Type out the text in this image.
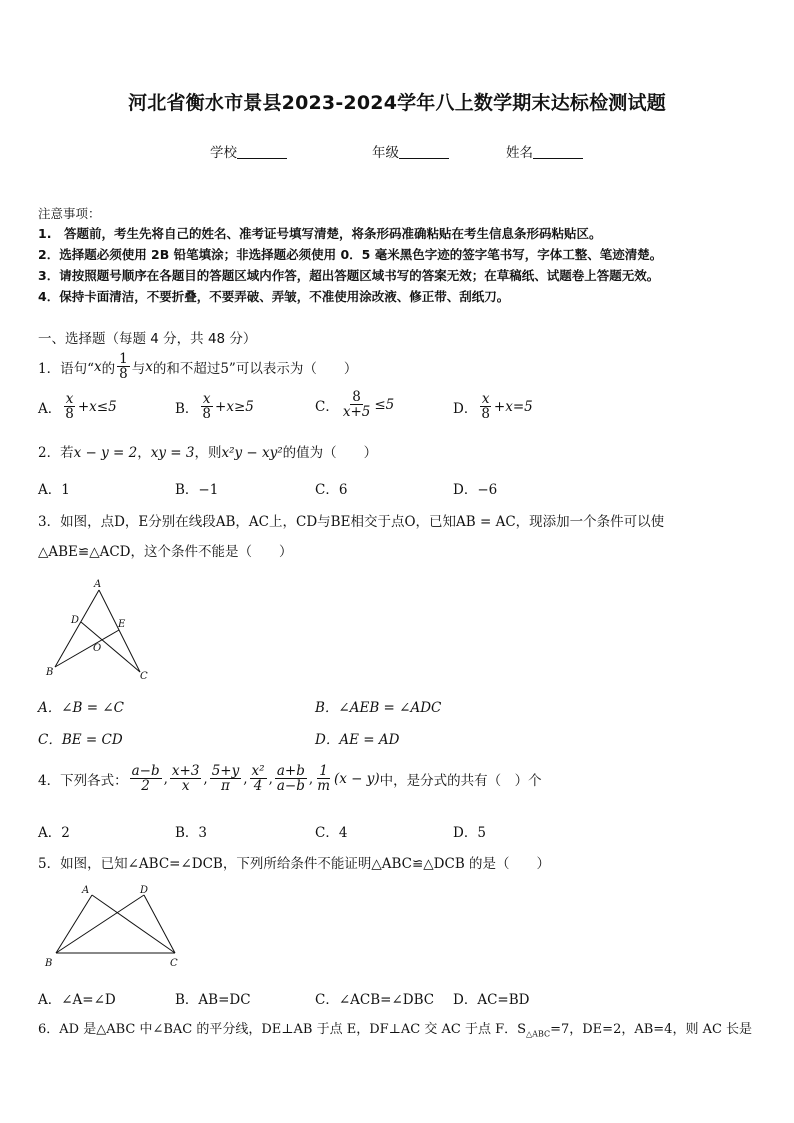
河北省衡水市景县2023-2024学年八上数学期末达标检测试题
学校	年级	姓名
注意事项：
1.　答题前，考生先将自己的姓名、准考证号填写清楚，将条形码准确粘贴在考生信息条形码粘贴区。
2．选择题必须使用 2B 铅笔填涂；非选择题必须使用 0．5 毫米黑色字迹的签字笔书写，字体工整、笔迹清楚。
3．请按照题号顺序在各题目的答题区域内作答，超出答题区域书写的答案无效；在草稿纸、试题卷上答题无效。
4．保持卡面清洁，不要折叠，不要弄破、弄皱，不准使用涂改液、修正带、刮纸刀。
一、选择题（每题 4 分，共 48 分）
1．语句“ x 的 $\frac{1}{8}$ 与 x 的和不超过5”可以表示为（　　）
A． $\frac{x}{8} +x\le 5$	B． $\frac{x}{8} +x\ge 5$	C． $\frac{8}{x+5} \le 5$	D． $\frac{x}{8} +x=5$
2．若x − y = 2，xy = 3，则x²y − xy²的值为（　　）
A．1	B．−1	C．6	D．−6
3．如图，点D，E分别在线段AB，AC上，CD与BE相交于点O，已知AB = AC，现添加一个条件可以使
△ABE≌△ACD，这个条件不能是（　　）
A
D	E
O
B	C
A．∠B = ∠C	B．∠AEB = ∠ADC
C．BE = CD	D．AE = AD
4．下列各式： $\frac{a-b}{2}$ , $\frac{x+3}{x}$ , $\frac{5+y}{\pi}$ , $\frac{\text{x²}}{4}$ , $\frac{a+b}{a-b}$ , $\frac{1}{m} (x - y)$ 中，是分式的共有（　）个
A．2	B．3	C．4	D．5
5．如图，已知∠ABC=∠DCB，下列所给条件不能证明△ABC≌△DCB 的是（　　）
A	D
B	C
A．∠A=∠D	B．AB=DC	C．∠ACB=∠DBC D．AC=BD
6．AD 是△ABC 中∠BAC 的平分线，DE⊥AB 于点 E，DF⊥AC 交 AC 于点 F．$S_{\triangle ABC}=7$，DE=2，AB=4，则 AC 长是
